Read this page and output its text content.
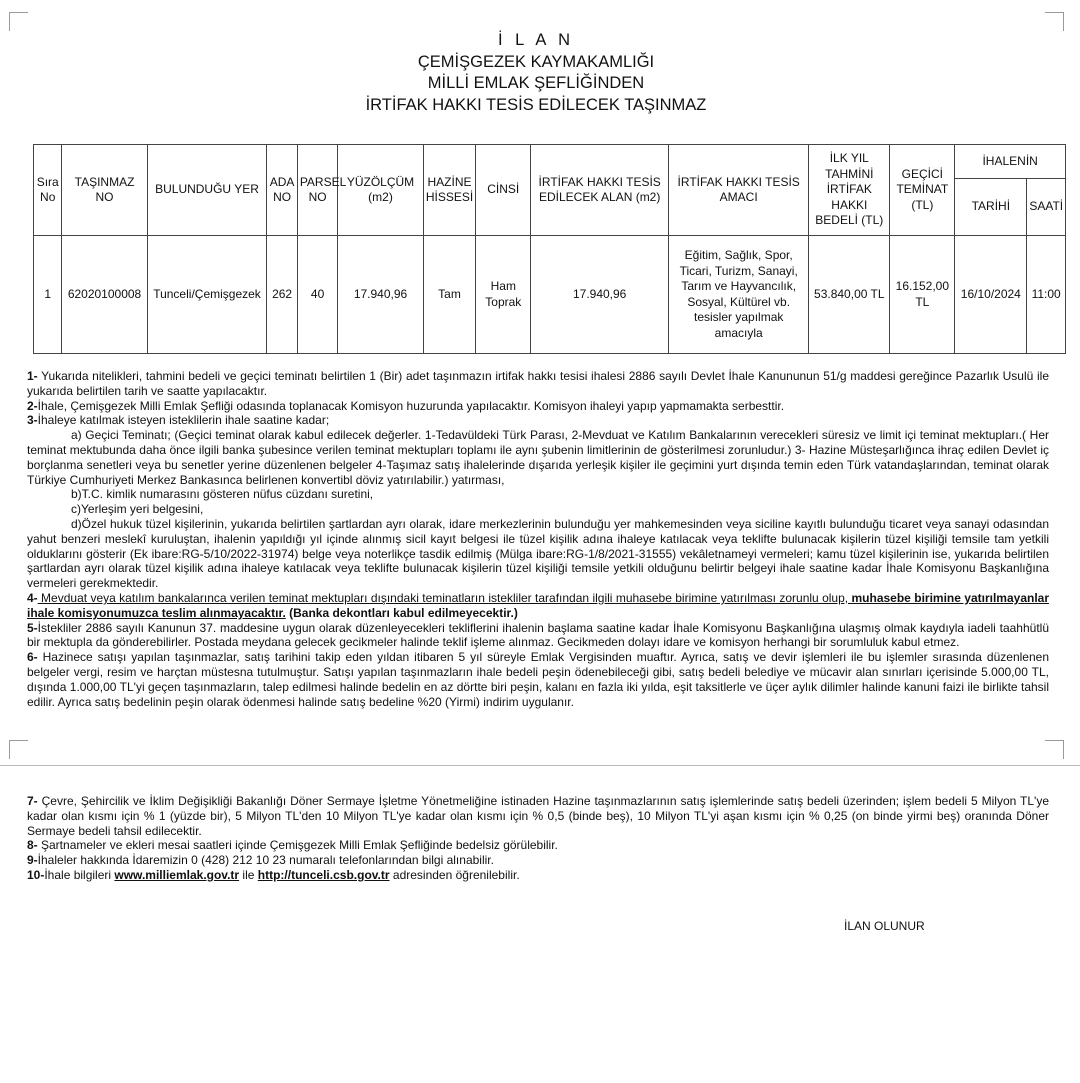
İ L A N
ÇEMİŞGEZEK KAYMAKAMLIĞI
MİLLİ EMLAK ŞEFLİĞİNDEN
İRTİFAK HAKKI TESİS EDİLECEK TAŞINMAZ
Sıra No	TAŞINMAZ NO	BULUNDUĞU YER	ADA NO	PARSEL NO	YÜZÖLÇÜM (m2)	HAZİNE HİSSESİ	CİNSİ	İRTİFAK HAKKI TESİS EDİLECEK ALAN (m2)	İRTİFAK HAKKI TESİS AMACI	İLK YIL TAHMİNİ İRTİFAK HAKKI BEDELİ (TL)	GEÇİCİ TEMİNAT (TL)	İHALENİN	
												TARİHİ	SAATİ
1	62020100008	Tunceli/Çemişgezek	262	40	17.940,96	Tam	Ham Toprak	17.940,96	Eğitim, Sağlık, Spor, Ticari, Turizm, Sanayi, Tarım ve Hayvancılık, Sosyal, Kültürel vb. tesisler yapılmak amacıyla	53.840,00 TL	16.152,00 TL	16/10/2024	11:00

1- Yukarıda nitelikleri, tahmini bedeli ve geçici teminatı belirtilen 1 (Bir) adet taşınmazın irtifak hakkı tesisi ihalesi 2886 sayılı Devlet İhale Kanununun 51/g maddesi gereğince Pazarlık Usulü ile yukarıda belirtilen tarih ve saatte yapılacaktır.

2-İhale, Çemişgezek Milli Emlak Şefliği odasında toplanacak Komisyon huzurunda yapılacaktır. Komisyon ihaleyi yapıp yapmamakta serbesttir.

3-İhaleye katılmak isteyen isteklilerin ihale saatine kadar;

a) Geçici Teminatı; (Geçici teminat olarak kabul edilecek değerler. 1-Tedavüldeki Türk Parası, 2-Mevduat ve Katılım Bankalarının verecekleri süresiz ve limit içi teminat mektupları.( Her teminat mektubunda daha önce ilgili banka şubesince verilen teminat mektupları toplamı ile aynı şubenin limitlerinin de gösterilmesi zorunludur.) 3- Hazine Müsteşarlığınca ihraç edilen Devlet iç borçlanma senetleri veya bu senetler yerine düzenlenen belgeler 4-Taşımaz satış ihalelerinde dışarıda yerleşik kişiler ile geçimini yurt dışında temin eden Türk vatandaşlarından, teminat olarak Türkiye Cumhuriyeti Merkez Bankasınca belirlenen konvertibl döviz yatırılabilir.) yatırması,

b)T.C. kimlik numarasını gösteren nüfus cüzdanı suretini,

c)Yerleşim yeri belgesini,

d)Özel hukuk tüzel kişilerinin, yukarıda belirtilen şartlardan ayrı olarak, idare merkezlerinin bulunduğu yer mahkemesinden veya siciline kayıtlı bulunduğu ticaret veya sanayi odasından yahut benzeri meslekî kuruluştan, ihalenin yapıldığı yıl içinde alınmış sicil kayıt belgesi ile tüzel kişilik adına ihaleye katılacak veya teklifte bulunacak kişilerin tüzel kişiliği temsile tam yetkili olduklarını gösterir (Ek ibare:RG-5/10/2022-31974) belge veya noterlikçe tasdik edilmiş (Mülga ibare:RG-1/8/2021-31555) vekâletnameyi vermeleri; kamu tüzel kişilerinin ise, yukarıda belirtilen şartlardan ayrı olarak tüzel kişilik adına ihaleye katılacak veya teklifte bulunacak kişilerin tüzel kişiliği temsile yetkili olduğunu belirtir belgeyi ihale saatine kadar İhale Komisyonu Başkanlığına vermeleri gerekmektedir.

4- Mevduat veya katılım bankalarınca verilen teminat mektupları dışındaki teminatların istekliler tarafından ilgili muhasebe birimine yatırılması zorunlu olup, muhasebe birimine yatırılmayanlar ihale komisyonumuzca teslim alınmayacaktır. (Banka dekontları kabul edilmeyecektir.)

5-İstekliler 2886 sayılı Kanunun 37. maddesine uygun olarak düzenleyecekleri tekliflerini ihalenin başlama saatine kadar İhale Komisyonu Başkanlığına ulaşmış olmak kaydıyla iadeli taahhütlü bir mektupla da gönderebilirler. Postada meydana gelecek gecikmeler halinde teklif işleme alınmaz. Gecikmeden dolayı idare ve komisyon herhangi bir sorumluluk kabul etmez.

6- Hazinece satışı yapılan taşınmazlar, satış tarihini takip eden yıldan itibaren 5 yıl süreyle Emlak Vergisinden muaftır. Ayrıca, satış ve devir işlemleri ile bu işlemler sırasında düzenlenen belgeler vergi, resim ve harçtan müstesna tutulmuştur. Satışı yapılan taşınmazların ihale bedeli peşin ödenebileceği gibi, satış bedeli belediye ve mücavir alan sınırları içerisinde 5.000,00 TL, dışında 1.000,00 TL'yi geçen taşınmazların, talep edilmesi halinde bedelin en az dörtte biri peşin, kalanı en fazla iki yılda, eşit taksitlerle ve üçer aylık dilimler halinde kanuni faizi ile birlikte tahsil edilir. Ayrıca satış bedelinin peşin olarak ödenmesi halinde satış bedeline %20 (Yirmi) indirim uygulanır.

7- Çevre, Şehircilik ve İklim Değişikliği Bakanlığı Döner Sermaye İşletme Yönetmeliğine istinaden Hazine taşınmazlarının satış işlemlerinde satış bedeli üzerinden; işlem bedeli 5 Milyon TL'ye kadar olan kısmı için % 1 (yüzde bir), 5 Milyon TL'den 10 Milyon TL'ye kadar olan kısmı için % 0,5 (binde beş), 10 Milyon TL'yi aşan kısmı için % 0,25 (on binde yirmi beş) oranında Döner Sermaye bedeli tahsil edilecektir.

8- Şartnameler ve ekleri mesai saatleri içinde Çemişgezek Milli Emlak Şefliğinde bedelsiz görülebilir.

9-İhaleler hakkında İdaremizin 0 (428) 212 10 23 numaralı telefonlarından bilgi alınabilir.

10-İhale bilgileri www.milliemlak.gov.tr ile http://tunceli.csb.gov.tr adresinden öğrenilebilir.

İLAN OLUNUR
